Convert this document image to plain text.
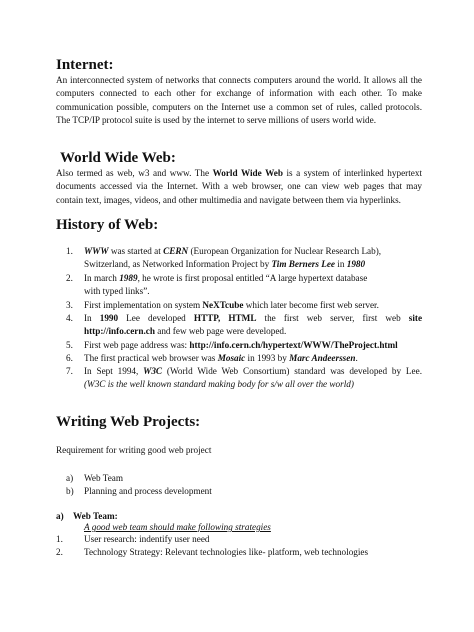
Internet:
An interconnected system of networks that connects computers around the world. It allows all the computers connected to each other for exchange of information with each other. To make communication possible, computers on the Internet use a common set of rules, called protocols. The TCP/IP protocol suite is used by the internet to serve millions of users world wide.
World Wide Web:
Also termed as web, w3 and www. The World Wide Web is a system of interlinked hypertext documents accessed via the Internet. With a web browser, one can view web pages that may contain text, images, videos, and other multimedia and navigate between them via hyperlinks.
History of Web:
1. WWW was started at CERN (European Organization for Nuclear Research Lab), Switzerland, as Networked Information Project by Tim Berners Lee in 1980
2. In march 1989, he wrote is first proposal entitled “A large hypertext database with typed links”.
3. First implementation on system NeXTcube which later become first web server.
4. In 1990 Lee developed HTTP, HTML the first web server, first web site
http://info.cern.ch and few web page were developed.
5. First web page address was: http://info.cern.ch/hypertext/WWW/TheProject.html
6. The first practical web browser was Mosaic in 1993 by Marc Andeerssen.
7. In Sept 1994, W3C (World Wide Web Consortium) standard was developed by Lee.
(W3C is the well known standard making body for s/w all over the world)
Writing Web Projects:
Requirement for writing good web project
a) Web Team
b) Planning and process development
a) Web Team:
A good web team should make following strategies
1. User research: indentify user need
2. Technology Strategy: Relevant technologies like- platform, web technologies
